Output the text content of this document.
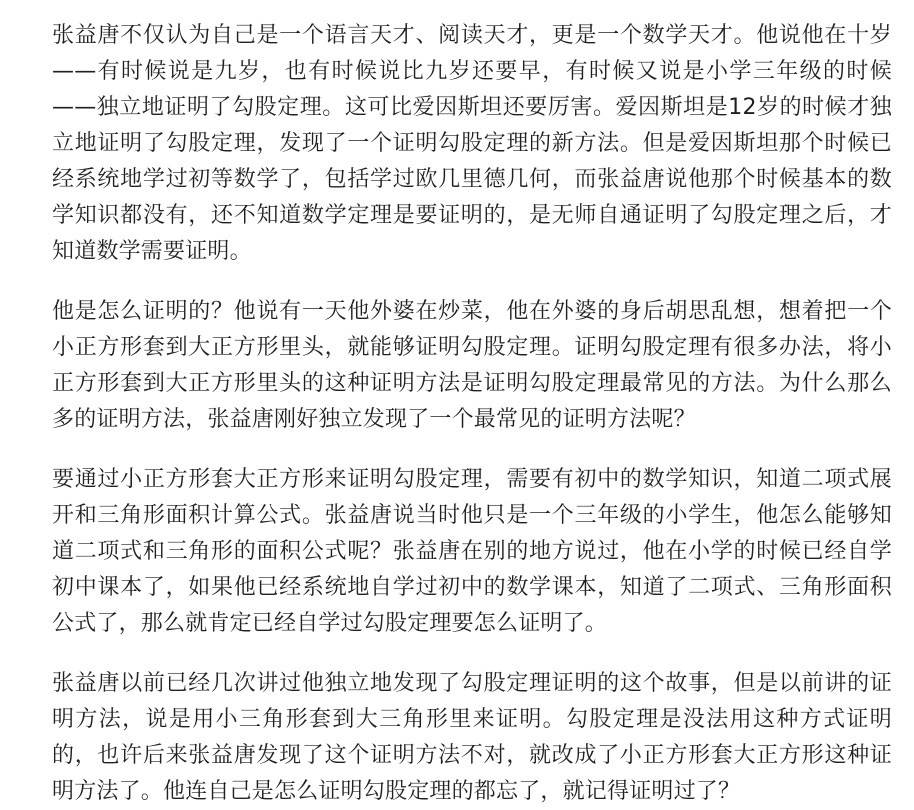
张益唐不仅认为自己是一个语言天才、阅读天才，更是一个数学天才。他说他在十岁——有时候说是九岁，也有时候说比九岁还要早，有时候又说是小学三年级的时候——独立地证明了勾股定理。这可比爱因斯坦还要厉害。爱因斯坦是12岁的时候才独立地证明了勾股定理，发现了一个证明勾股定理的新方法。但是爱因斯坦那个时候已经系统地学过初等数学了，包括学过欧几里德几何，而张益唐说他那个时候基本的数学知识都没有，还不知道数学定理是要证明的，是无师自通证明了勾股定理之后，才知道数学需要证明。

他是怎么证明的？他说有一天他外婆在炒菜，他在外婆的身后胡思乱想，想着把一个小正方形套到大正方形里头，就能够证明勾股定理。证明勾股定理有很多办法，将小正方形套到大正方形里头的这种证明方法是证明勾股定理最常见的方法。为什么那么多的证明方法，张益唐刚好独立发现了一个最常见的证明方法呢？

要通过小正方形套大正方形来证明勾股定理，需要有初中的数学知识，知道二项式展开和三角形面积计算公式。张益唐说当时他只是一个三年级的小学生，他怎么能够知道二项式和三角形的面积公式呢？张益唐在别的地方说过，他在小学的时候已经自学初中课本了，如果他已经系统地自学过初中的数学课本，知道了二项式、三角形面积公式了，那么就肯定已经自学过勾股定理要怎么证明了。

张益唐以前已经几次讲过他独立地发现了勾股定理证明的这个故事，但是以前讲的证明方法，说是用小三角形套到大三角形里来证明。勾股定理是没法用这种方式证明的，也许后来张益唐发现了这个证明方法不对，就改成了小正方形套大正方形这种证明方法了。他连自己是怎么证明勾股定理的都忘了，就记得证明过了？
